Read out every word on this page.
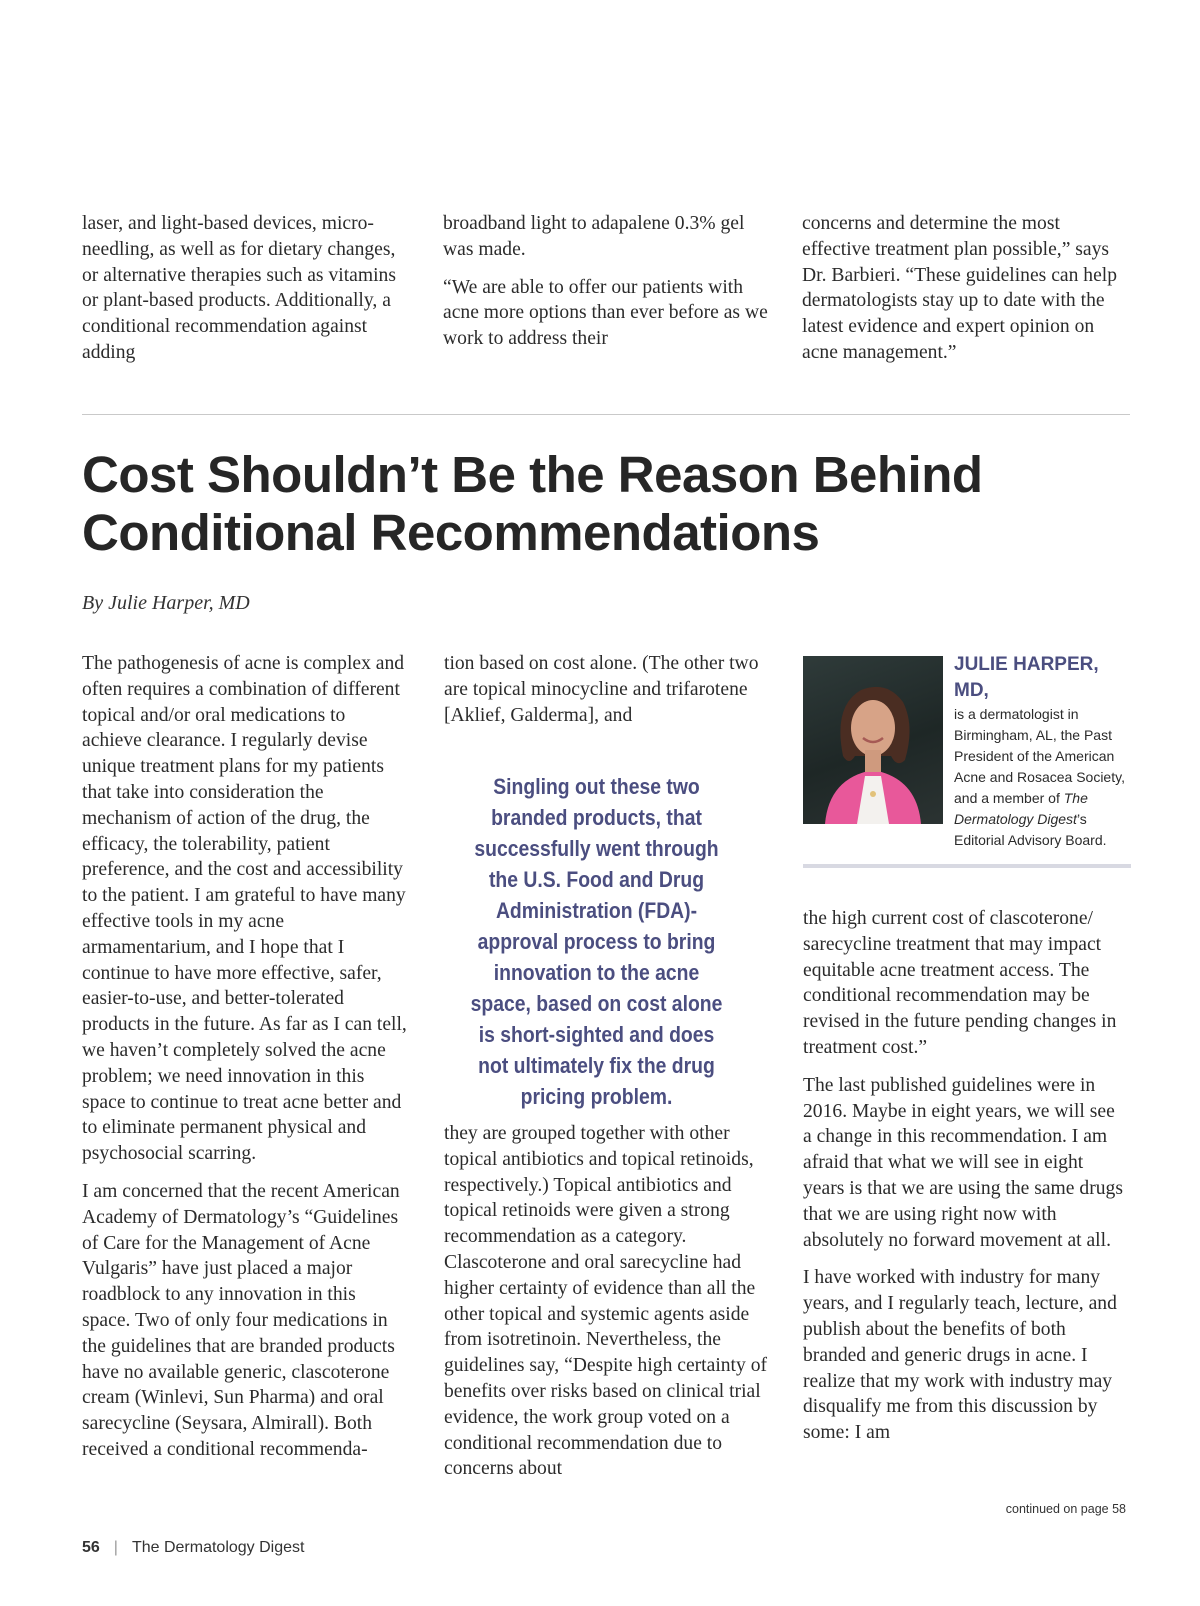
laser, and light-based devices, microneedling, as well as for dietary changes, or alternative therapies such as vitamins or plant-based products. Additionally, a conditional recommendation against adding

broadband light to adapalene 0.3% gel was made.

“We are able to offer our patients with acne more options than ever before as we work to address their

concerns and determine the most effective treatment plan possible,” says Dr. Barbieri. “These guidelines can help dermatologists stay up to date with the latest evidence and expert opinion on acne management.”

Cost Shouldn’t Be the Reason Behind Conditional Recommendations

By Julie Harper, MD

The pathogenesis of acne is complex and often requires a combination of different topical and/or oral medications to achieve clearance. I regularly devise unique treatment plans for my patients that take into consideration the mechanism of action of the drug, the efficacy, the tolerability, patient preference, and the cost and accessibility to the patient. I am grateful to have many effective tools in my acne armamentarium, and I hope that I continue to have more effective, safer, easier-to-use, and better-tolerated products in the future. As far as I can tell, we haven’t completely solved the acne problem; we need innovation in this space to continue to treat acne better and to eliminate permanent physical and psychosocial scarring.

I am concerned that the recent American Academy of Dermatology’s “Guidelines of Care for the Management of Acne Vulgaris” have just placed a major roadblock to any innovation in this space. Two of only four medications in the guidelines that are branded products have no available generic, clascoterone cream (Winlevi, Sun Pharma) and oral sarecycline (Seysara, Almirall). Both received a conditional recommenda-

tion based on cost alone. (The other two are topical minocycline and trifarotene [Aklief, Galderma], and

Singling out these two branded products, that successfully went through the U.S. Food and Drug Administration (FDA)-approval process to bring innovation to the acne space, based on cost alone is short-sighted and does not ultimately fix the drug pricing problem.

they are grouped together with other topical antibiotics and topical retinoids, respectively.) Topical antibiotics and topical retinoids were given a strong recommendation as a category. Clascoterone and oral sarecycline had higher certainty of evidence than all the other topical and systemic agents aside from isotretinoin. Nevertheless, the guidelines say, “Despite high certainty of benefits over risks based on clinical trial evidence, the work group voted on a conditional recommendation due to concerns about

JULIE HARPER, MD,
is a dermatologist in Birmingham, AL, the Past President of the American Acne and Rosacea Society, and a member of The Dermatology Digest’s Editorial Advisory Board.

the high current cost of clascoterone/ sarecycline treatment that may impact equitable acne treatment access. The conditional recommendation may be revised in the future pending changes in treatment cost.”

The last published guidelines were in 2016. Maybe in eight years, we will see a change in this recommendation. I am afraid that what we will see in eight years is that we are using the same drugs that we are using right now with absolutely no forward movement at all.

I have worked with industry for many years, and I regularly teach, lecture, and publish about the benefits of both branded and generic drugs in acne. I realize that my work with industry may disqualify me from this discussion by some: I am

continued on page 58

56 | The Dermatology Digest
